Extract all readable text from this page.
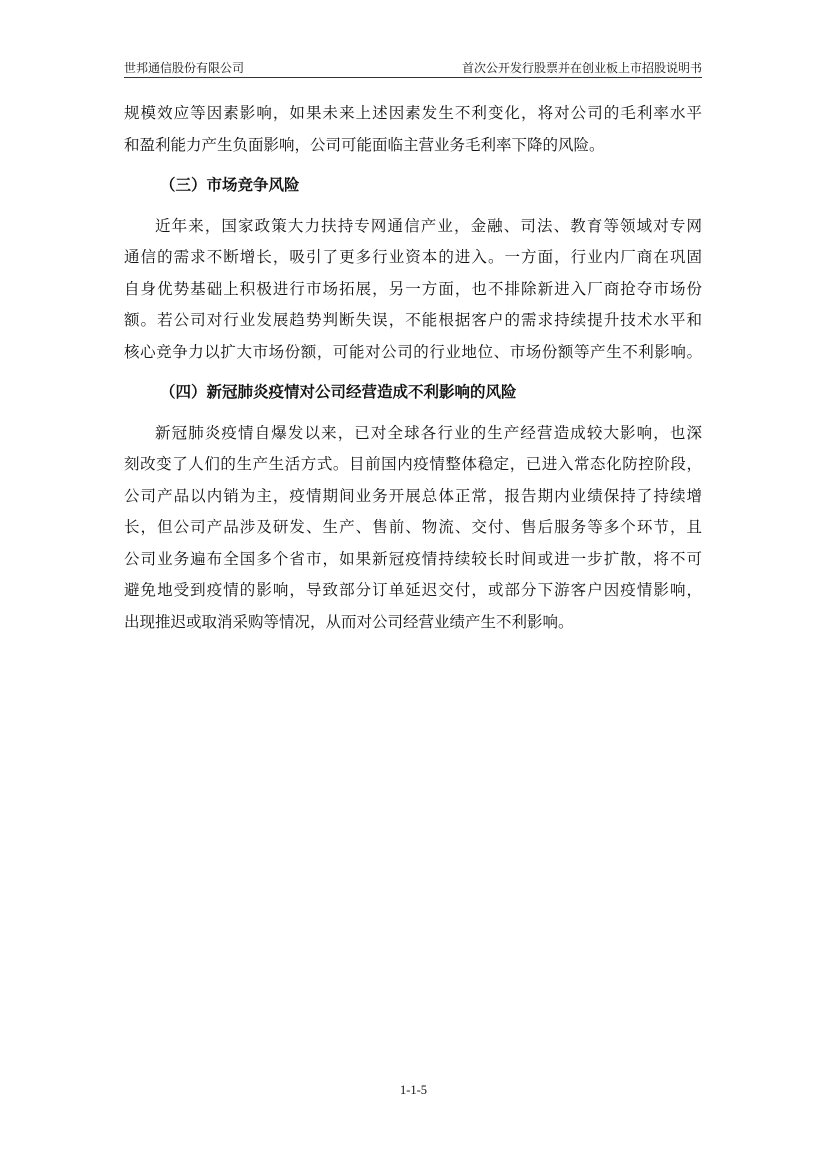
世邦通信股份有限公司	首次公开发行股票并在创业板上市招股说明书
规模效应等因素影响，如果未来上述因素发生不利变化，将对公司的毛利率水平
和盈利能力产生负面影响，公司可能面临主营业务毛利率下降的风险。
（三）市场竞争风险
近年来，国家政策大力扶持专网通信产业，金融、司法、教育等领域对专网
通信的需求不断增长，吸引了更多行业资本的进入。一方面，行业内厂商在巩固
自身优势基础上积极进行市场拓展，另一方面，也不排除新进入厂商抢夺市场份
额。若公司对行业发展趋势判断失误，不能根据客户的需求持续提升技术水平和
核心竞争力以扩大市场份额，可能对公司的行业地位、市场份额等产生不利影响。
（四）新冠肺炎疫情对公司经营造成不利影响的风险
新冠肺炎疫情自爆发以来，已对全球各行业的生产经营造成较大影响，也深
刻改变了人们的生产生活方式。目前国内疫情整体稳定，已进入常态化防控阶段，
公司产品以内销为主，疫情期间业务开展总体正常，报告期内业绩保持了持续增
长，但公司产品涉及研发、生产、售前、物流、交付、售后服务等多个环节，且
公司业务遍布全国多个省市，如果新冠疫情持续较长时间或进一步扩散，将不可
避免地受到疫情的影响，导致部分订单延迟交付，或部分下游客户因疫情影响，
出现推迟或取消采购等情况，从而对公司经营业绩产生不利影响。
1-1-5
